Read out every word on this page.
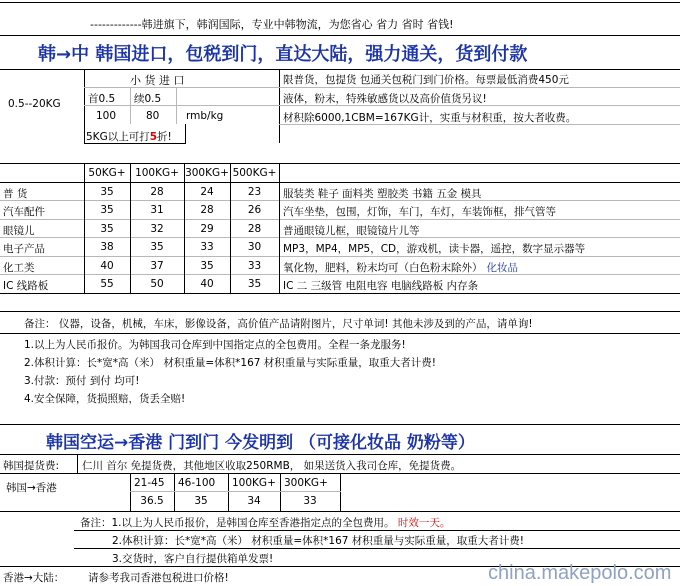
-------------韩进旗下，韩润国际，专业中韩物流，为您省心 省力 省时 省钱!
韩→中 韩国进口，包税到门，直达大陆，强力通关，货到付款
小 货 进 口
0.5--20KG	首0.5 续0.5
100	80	rmb/kg
限普货，包提货 包通关包税门到门价格。每票最低消费450元
液体，粉末，特殊敏感货以及高价值货另议!
材积除6000,1CBM=167KG计，实重与材积重，按大者收费。
5KG以上可打5折!
50KG+ 100KG+ 300KG+ 500KG+
普 货	35	28	24	23	服装类 鞋子 面料类 塑胶类 书籍 五金 模具
汽车配件	35	31	28	26	汽车坐垫，包围，灯饰，车门，车灯，车装饰框，排气管等
眼镜儿	35	32	29	28	普通眼镜儿框，眼镜镜片儿等
电子产品	38	35	33	30	MP3，MP4，MP5，CD，游戏机，读卡器，遥控，数字显示器等
化工类	40	37	35	33	氧化物，肥料，粉末均可（白色粉末除外） 化妆品
IC 线路板	55	50	40	35	IC 二 三级管 电阻电容 电脑线路板 内存条
备注： 仪器，设备，机械，车床，影像设备，高价值产品请附图片，尺寸单词! 其他未涉及到的产品，请单询!
1.以上为人民币报价。为韩国我司仓库到中国指定点的全包费用。全程一条龙服务!
2.体积计算：长*宽*高（米） 材积重量=体积*167 材积重量与实际重量，取重大者计费!
3.付款：预付 到付 均可!
4.安全保障，货损照赔，货丢全赔!
韩国空运→香港 门到门 今发明到 （可接化妆品 奶粉等）
韩国提货费: 仁川 首尔 免提货费，其他地区收取250RMB， 如果送货入我司仓库，免提货费。
韩国→香港	21-45 46-100 100KG+ 300KG+
36.5	35	34	33
备注：1.以上为人民币报价，是韩国仓库至香港指定点的全包费用。 时效一天。
2.体积计算：长*宽*高（米） 材积重量=体积*167 材积重量与实际重量，取重大者计费!
3.交货时，客户自行提供箱单发票!
香港→大陆： 请参考我司香港包税进口价格!	china.makepolo.com
